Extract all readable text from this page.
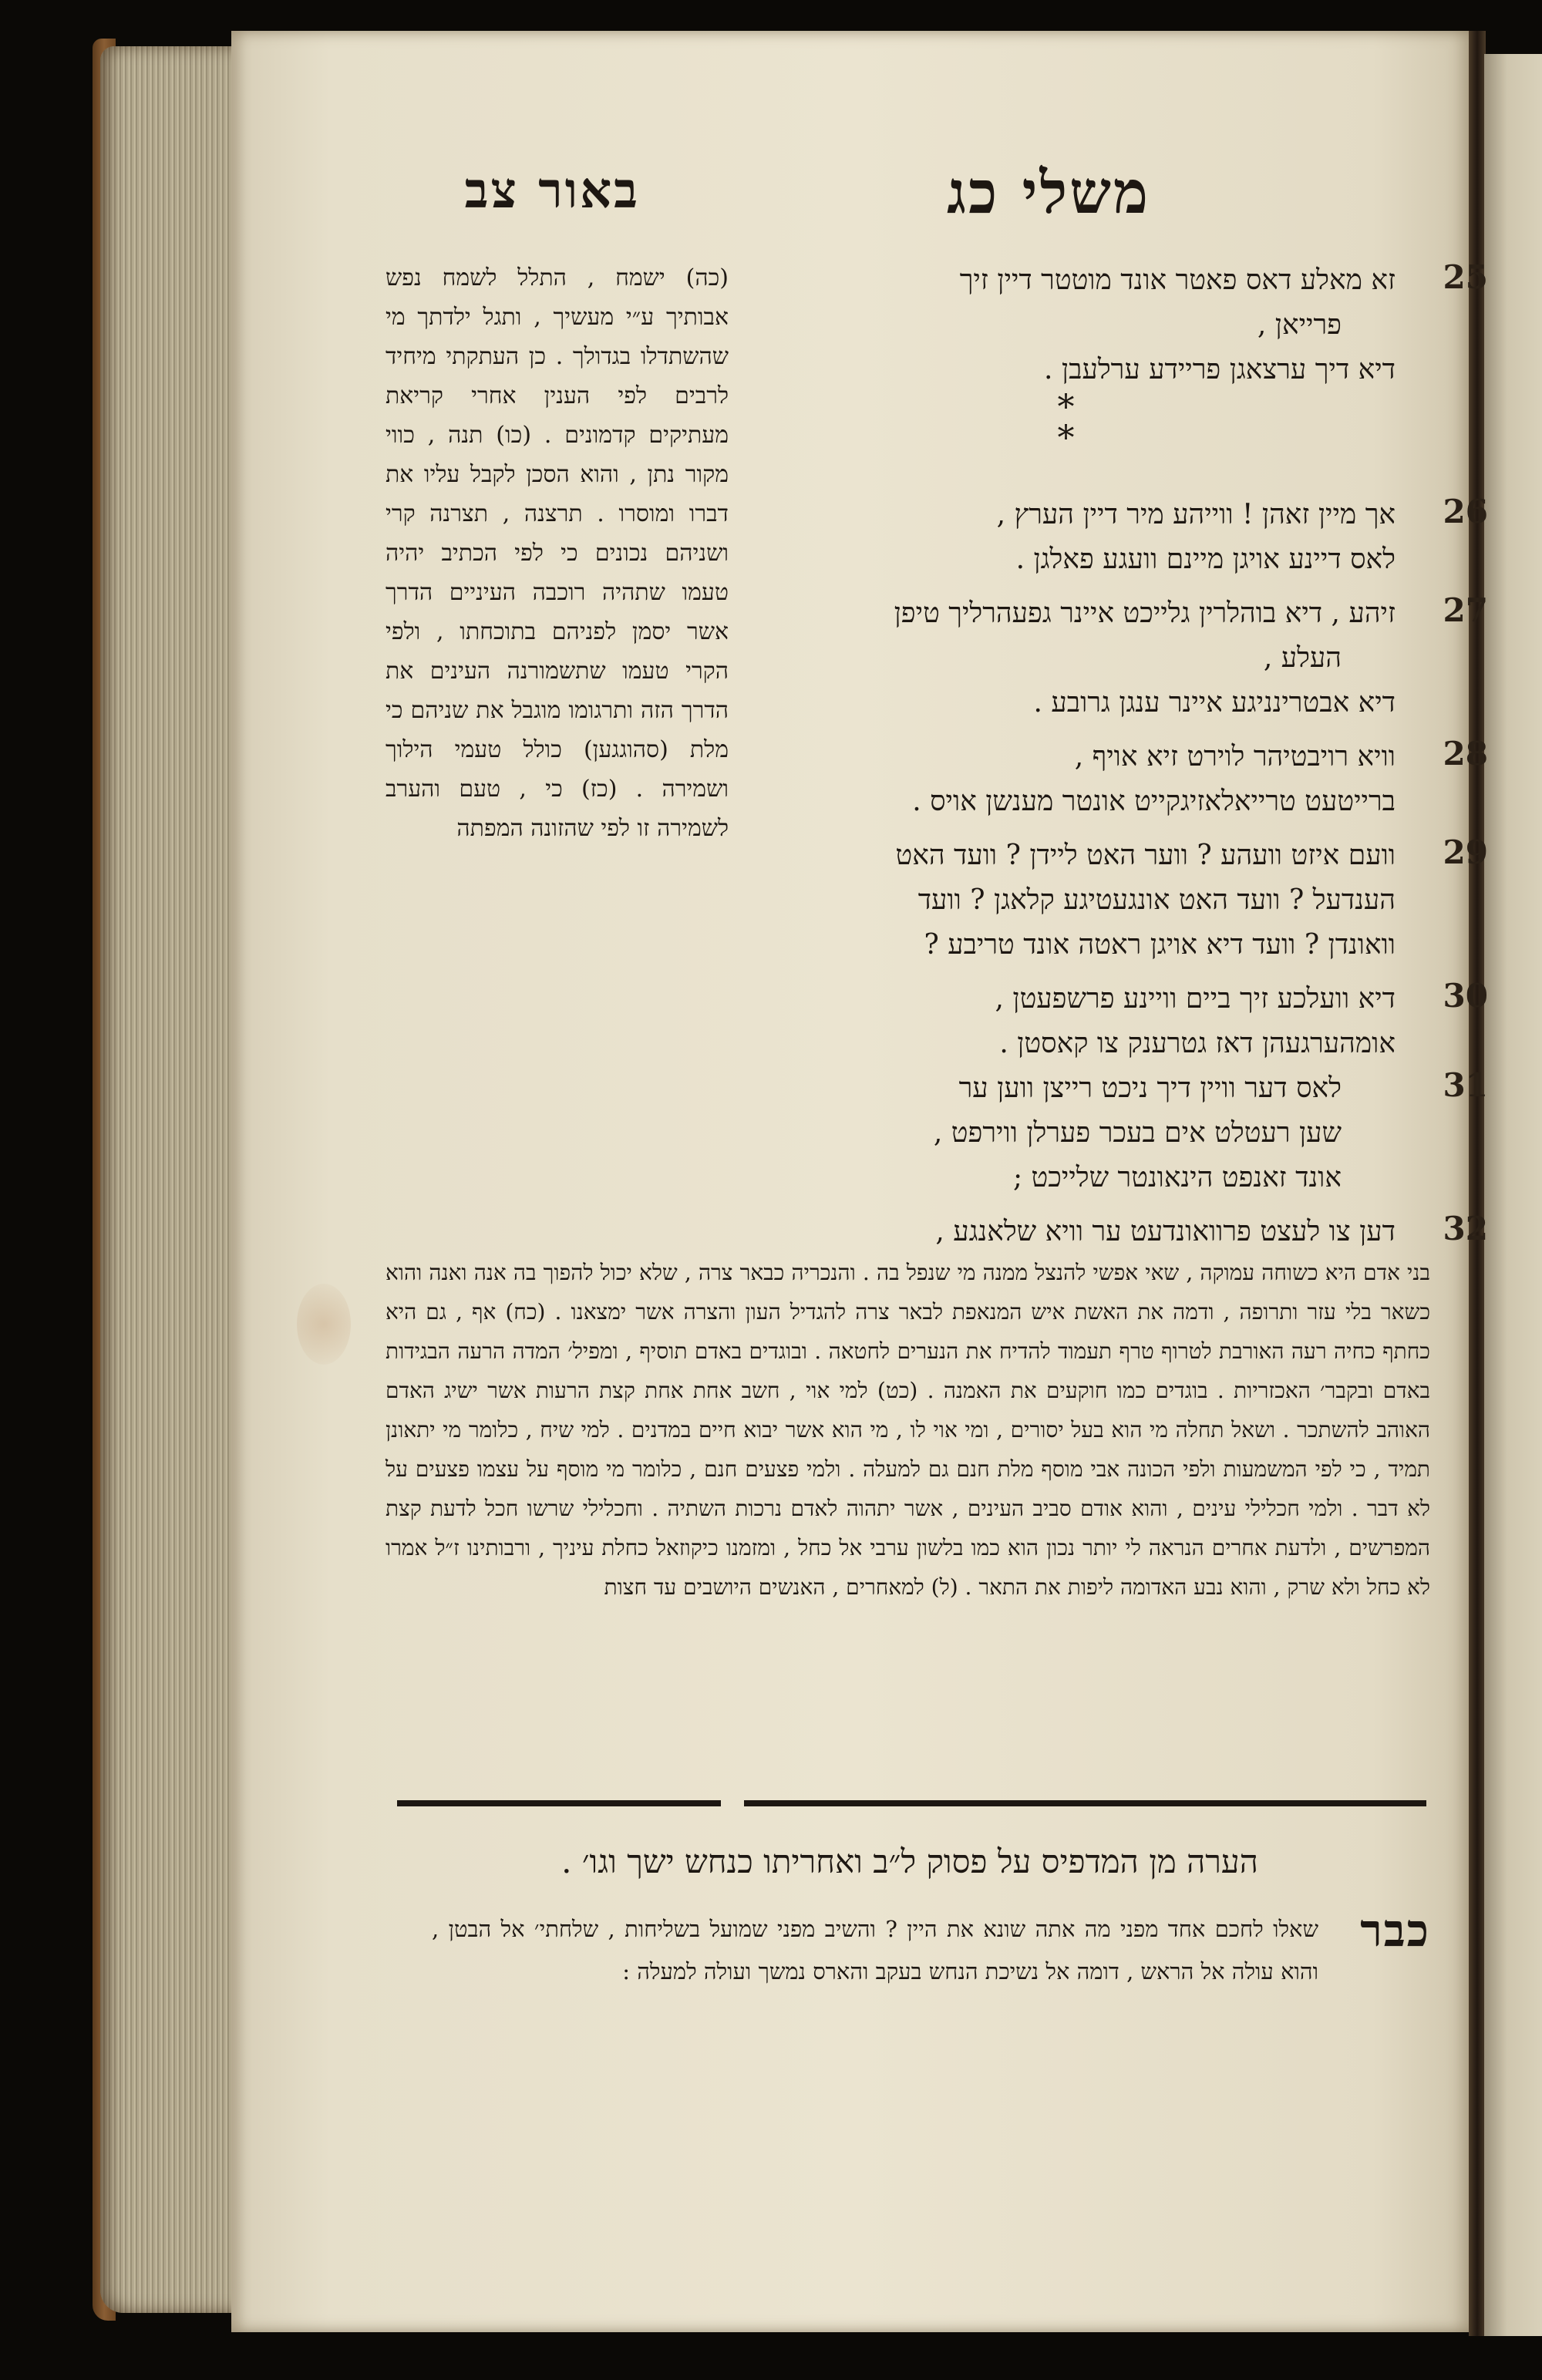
באור צב	משלי כג
(כה) ישמח , התלל לשמח נפש אבותיך ע״י מעשיך , ותגל ילדתך מי שהשתדלו בגדולך . כן העתקתי מיחיד לרבים לפי הענין אחרי קריאת מעתיקים קדמונים . (כו) תנה , כווי מקור נתן , והוא הסכן לקבל עליו את דברו ומוסרו . תרצנה , תצרנה קרי ושניהם נכונים כי לפי הכתיב יהיה טעמו שתהיה רוכבה העיניים הדרך אשר יסמן לפניהם בתוכחתו , ולפי הקרי טעמו שתשמורנה העינים את הדרך הזה ותרגומו מוגבל את שניהם כי מלת (סהוגגען) כולל טעמי הילוך ושמירה . (כז) כי , טעם והערב לשמירה זו לפי שהזונה המפתה
25
זא מאלע דאס פאטר אונד מוטטר דיין זיך
פרייאן ,
דיא דיך ערצאגן פריידע ערלעבן .
* *
26
אך מיין זאהן ! ווייהע מיר דיין הערץ ,
לאס דיינע אויגן מיינם וועגע פאלגן .
27
זיהע , דיא בוהלרין גלייכט איינר גפעהרליך טיפן
העלע ,
דיא אבטרינניגע איינר ענגן גרובע .
28
וויא רויבטיהר לוירט זיא אויף ,
ברייטעט טרייאלאזיגקייט אונטר מענשן אויס .
29
וועם איזט וועהע ? ווער האט ליידן ? וועד האט
הענדעל ? וועד האט אונגעטיגע קלאגן ? וועד
וואונדן ? וועד דיא אויגן ראטה אונד טריבע ?
30
דיא וועלכע זיך ביים וויינע פרשפעטן ,
אומהערגעהן דאז גטרענק צו קאסטן .
31
לאס דער וויין דיך ניכט רייצן ווען ער
שען רעטלט אים בעכר פערלן ווירפט ,
אונד זאנפט הינאונטר שלייכט ;
32
דען צו לעצט פרוואונדעט ער וויא שלאנגע ,
בני אדם היא כשוחה עמוקה , שאי אפשי להנצל ממנה מי שנפל בה . והנכריה כבאר צרה , שלא יכול להפוך בה אנה ואנה והוא כשאר בלי עזר ותרופה , ודמה את האשת איש המנאפת לבאר צרה להגדיל העון והצרה אשר ימצאנו . (כח) אף , גם היא כחתף כחיה רעה האורבת לטרוף טרף תעמוד להדיח את הנערים לחטאה . ובוגדים באדם תוסיף , ומפיל׳ המדה הרעה הבגידות באדם ובקבר׳ האכזריות . בוגדים כמו חוקעים את האמנה . (כט) למי אוי , חשב אחת אחת קצת הרעות אשר ישיג האדם האוהב להשתכר . ושאל תחלה מי הוא בעל יסורים , ומי אוי לו , מי הוא אשר יבוא חיים במדנים . למי שיח , כלומר מי יתאונן תמיד , כי לפי המשמעות ולפי הכונה אבי מוסף מלת חנם גם למעלה . ולמי פצעים חנם , כלומר מי מוסף על עצמו פצעים על לא דבר . ולמי חכלילי עינים , והוא אודם סביב העינים , אשר יתהוה לאדם נרכות השתיה . וחכלילי שרשו חכל לדעת קצת המפרשים , ולדעת אחרים הנראה לי יותר נכון הוא כמו בלשון ערבי אל כחל , ומזמנו כיקוזאל כחלת עיניך , ורבותינו ז״ל אמרו לא כחל ולא שרק , והוא נבע האדומה ליפות את התאר . (ל) למאחרים , האנשים היושבים עד חצות
הערה מן המדפיס על פסוק ל״ב ואחריתו כנחש ישך וגו׳ .
כבר
שאלו לחכם אחד מפני מה אתה שונא את היין ? והשיב מפני שמועל בשליחות , שלחתי׳ אל הבטן , והוא עולה אל הראש , דומה אל נשיכת הנחש בעקב והארס נמשך ועולה למעלה :
